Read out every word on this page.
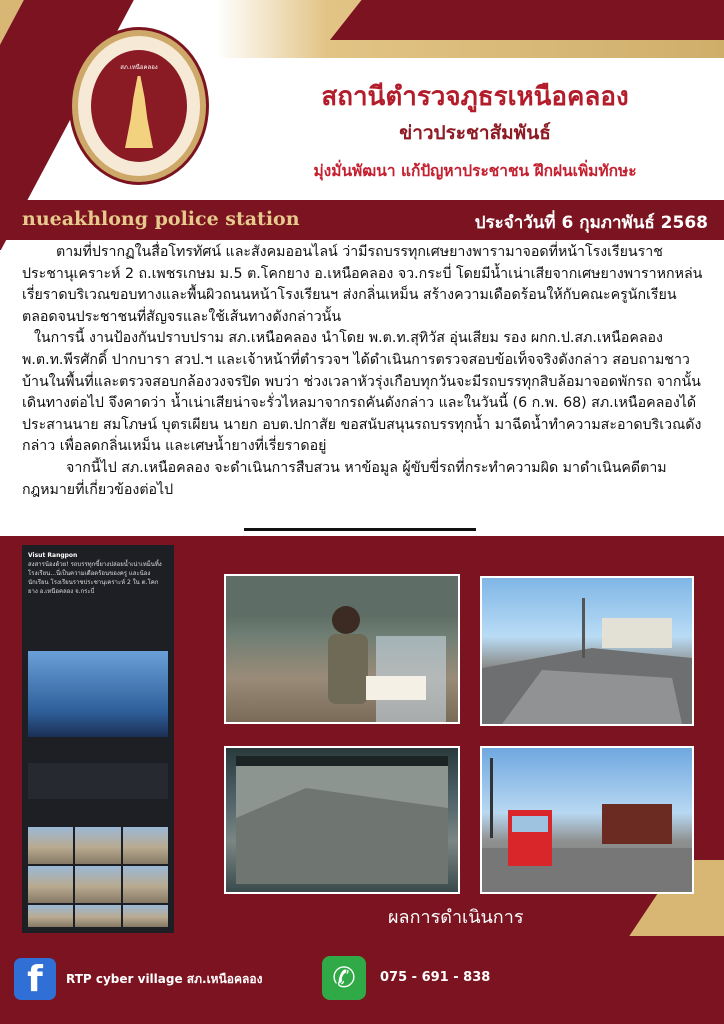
สภ.เหนือคลอง
สถานีตำรวจภูธรเหนือคลอง
ข่าวประชาสัมพันธ์
มุ่งมั่นพัฒนา แก้ปัญหาประชาชน ฝึกฝนเพิ่มทักษะ
nueakhlong police station	ประจำวันที่ 6 กุมภาพันธ์ 2568

ตามที่ปรากฏในสื่อโทรทัศน์ และสังคมออนไลน์ ว่ามีรถบรรทุกเศษยางพารามาจอดที่หน้าโรงเรียนราชประชานุเคราะห์ 2 ถ.เพชรเกษม ม.5 ต.โคกยาง อ.เหนือคลอง จว.กระบี่ โดยมีน้ำเน่าเสียจากเศษยางพาราหกหล่นเรี่ยราดบริเวณขอบทางและพื้นผิวถนนหน้าโรงเรียนฯ ส่งกลิ่นเหม็น สร้างความเดือดร้อนให้กับคณะครูนักเรียน ตลอดจนประชาชนที่สัญจรและใช้เส้นทางดังกล่าวนั้น

ในการนี้ งานป้องกันปราบปราม สภ.เหนือคลอง นำโดย พ.ต.ท.สุทิวัส อุ่นเสียม รอง ผกก.ป.สภ.เหนือคลอง พ.ต.ท.พีรศักดิ์ ปากบารา สวป.ฯ และเจ้าหน้าที่ตำรวจฯ ได้ดำเนินการตรวจสอบข้อเท็จจริงดังกล่าว สอบถามชาวบ้านในพื้นที่และตรวจสอบกล้องวงจรปิด พบว่า ช่วงเวลาหัวรุ่งเกือบทุกวันจะมีรถบรรทุกสิบล้อมาจอดพักรถ จากนั้นเดินทางต่อไป จึงคาดว่า น้ำเน่าเสียน่าจะรั่วไหลมาจากรถคันดังกล่าว และในวันนี้ (6 ก.พ. 68) สภ.เหนือคลองได้ประสานนาย สมโภษน์ บุตรเผียน นายก อบต.ปกาสัย ขอสนับสนุนรถบรรทุกน้ำ มาฉีดน้ำทำความสะอาดบริเวณดังกล่าว เพื่อลดกลิ่นเหม็น และเศษน้ำยางที่เรี่ยราดอยู่

จากนี้ไป สภ.เหนือคลอง จะดำเนินการสืบสวน หาข้อมูล ผู้ขับขี่รถที่กระทำความผิด มาดำเนินคดีตามกฎหมายที่เกี่ยวข้องต่อไป

Visut Rangpon
สงสารน้องด้วย! รถบรรทุกขี้ยางปล่อยน้ำเน่าเหม็นทิ้งโรงเรียน...นี่เป็นความเดือดร้อนของครู และน้องนักเรียน โรงเรียนราชประชานุเคราะห์ 2 ใน ต.โคกยาง อ.เหนือคลอง จ.กระบี่
ผลการดำเนินการ
f	RTP cyber village สภ.เหนือคลอง	✆	075 - 691 - 838
